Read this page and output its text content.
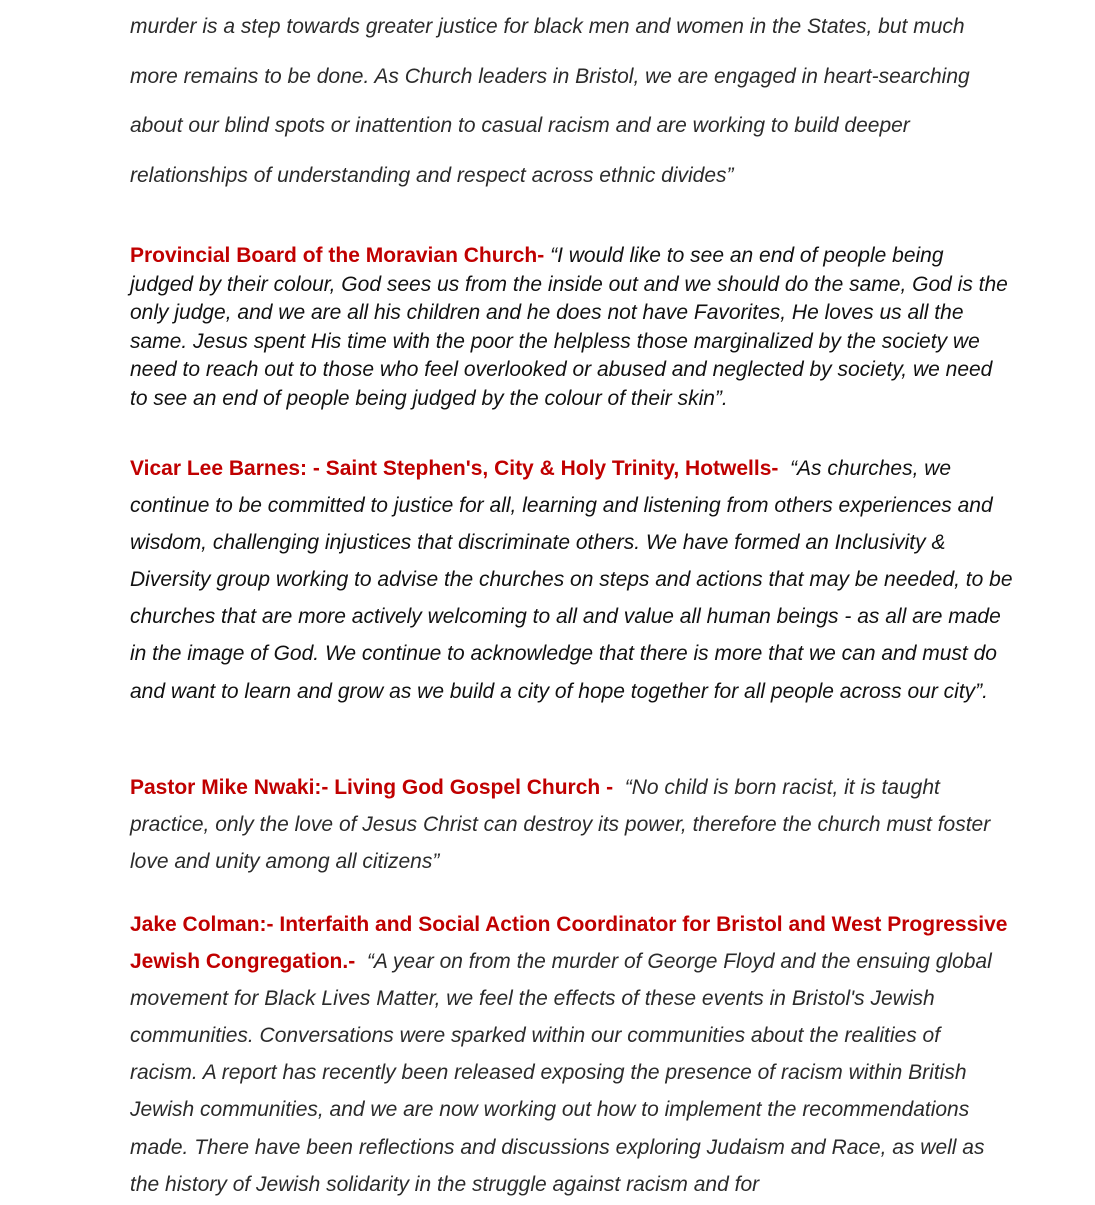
murder is a step towards greater justice for black men and women in the States, but much more remains to be done. As Church leaders in Bristol, we are engaged in heart-searching about our blind spots or inattention to casual racism and are working to build deeper relationships of understanding and respect across ethnic divides”

Provincial Board of the Moravian Church- “I would like to see an end of people being judged by their colour, God sees us from the inside out and we should do the same, God is the only judge, and we are all his children and he does not have Favorites, He loves us all the same. Jesus spent His time with the poor the helpless those marginalized by the society we need to reach out to those who feel overlooked or abused and neglected by society, we need to see an end of people being judged by the colour of their skin”.

Vicar Lee Barnes: - Saint Stephen's, City & Holy Trinity, Hotwells- “As churches, we continue to be committed to justice for all, learning and listening from others experiences and wisdom, challenging injustices that discriminate others. We have formed an Inclusivity & Diversity group working to advise the churches on steps and actions that may be needed, to be churches that are more actively welcoming to all and value all human beings - as all are made in the image of God. We continue to acknowledge that there is more that we can and must do and want to learn and grow as we build a city of hope together for all people across our city”.

Pastor Mike Nwaki:- Living God Gospel Church - “No child is born racist, it is taught practice, only the love of Jesus Christ can destroy its power, therefore the church must foster love and unity among all citizens”

Jake Colman:- Interfaith and Social Action Coordinator for Bristol and West Progressive Jewish Congregation.- “A year on from the murder of George Floyd and the ensuing global movement for Black Lives Matter, we feel the effects of these events in Bristol's Jewish communities. Conversations were sparked within our communities about the realities of racism. A report has recently been released exposing the presence of racism within British Jewish communities, and we are now working out how to implement the recommendations made. There have been reflections and discussions exploring Judaism and Race, as well as the history of Jewish solidarity in the struggle against racism and for
